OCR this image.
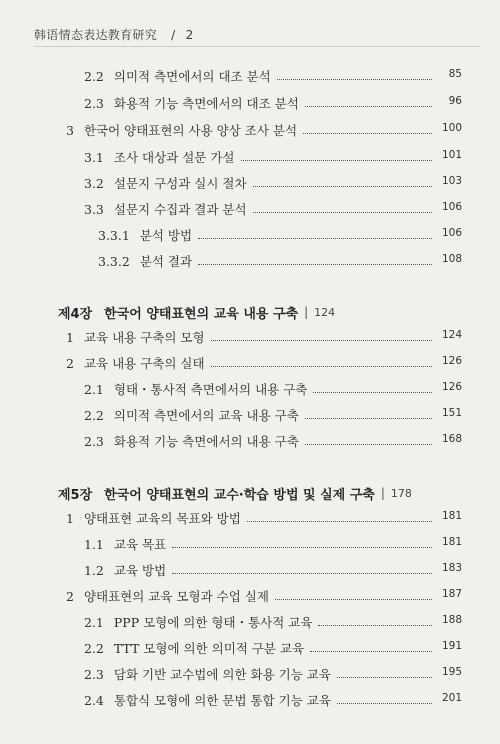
韩语情态表达教育研究 / 2
2.2 의미적 측면에서의 대조 분석	85
2.3 화용적 기능 측면에서의 대조 분석	96
3 한국어 양태표현의 사용 양상 조사 분석	100
3.1 조사 대상과 설문 가설	101
3.2 설문지 구성과 실시 절차	103
3.3 설문지 수집과 결과 분석	106
3.3.1 분석 방법	106
3.3.2 분석 결과	108
제4장 한국어 양태표현의 교육 내용 구축 | 124
1 교육 내용 구축의 모형	124
2 교육 내용 구축의 실태	126
2.1 형태・통사적 측면에서의 내용 구축	126
2.2 의미적 측면에서의 교육 내용 구축	151
2.3 화용적 기능 측면에서의 내용 구축	168
제5장 한국어 양태표현의 교수·학습 방법 및 실제 구축 | 178
1 양태표현 교육의 목표와 방법	181
1.1 교육 목표	181
1.2 교육 방법	183
2 양태표현의 교육 모형과 수업 실제	187
2.1 PPP 모형에 의한 형태・통사적 교육	188
2.2 TTT 모형에 의한 의미적 구분 교육	191
2.3 담화 기반 교수법에 의한 화용 기능 교육	195
2.4 통합식 모형에 의한 문법 통합 기능 교육	201
